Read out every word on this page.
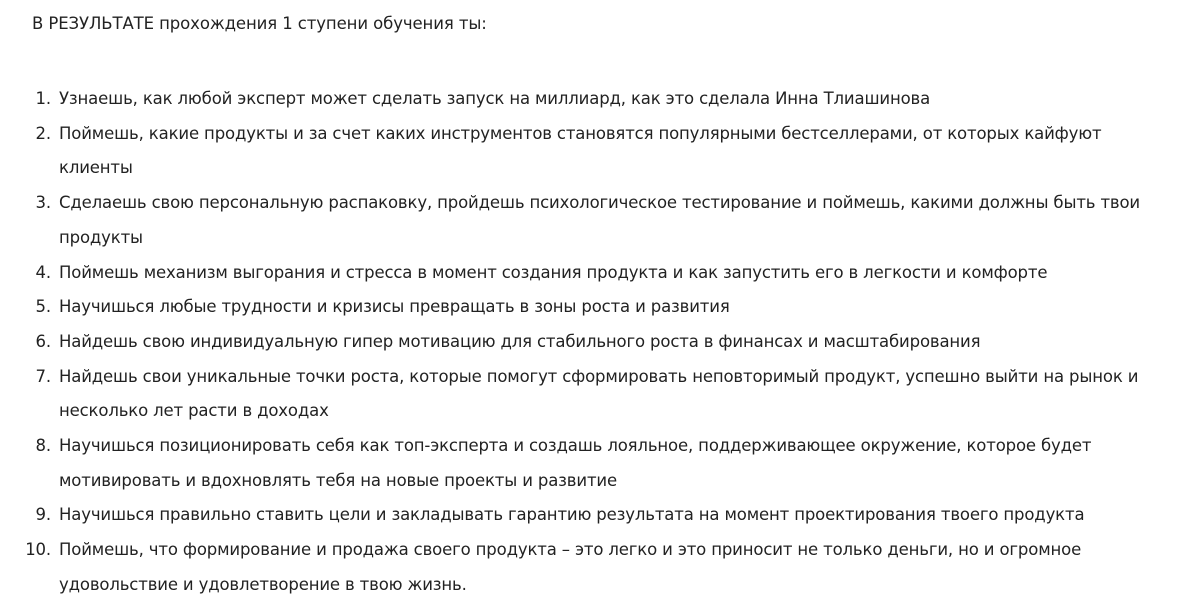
В РЕЗУЛЬТАТЕ прохождения 1 ступени обучения ты:

1. Узнаешь, как любой эксперт может сделать запуск на миллиард, как это сделала Инна Тлиашинова
2. Поймешь, какие продукты и за счет каких инструментов становятся популярными бестселлерами, от которых кайфуют клиенты
3. Сделаешь свою персональную распаковку, пройдешь психологическое тестирование и поймешь, какими должны быть твои продукты
4. Поймешь механизм выгорания и стресса в момент создания продукта и как запустить его в легкости и комфорте
5. Научишься любые трудности и кризисы превращать в зоны роста и развития
6. Найдешь свою индивидуальную гипер мотивацию для стабильного роста в финансах и масштабирования
7. Найдешь свои уникальные точки роста, которые помогут сформировать неповторимый продукт, успешно выйти на рынок и несколько лет расти в доходах
8. Научишься позиционировать себя как топ-эксперта и создашь лояльное, поддерживающее окружение, которое будет мотивировать и вдохновлять тебя на новые проекты и развитие
9. Научишься правильно ставить цели и закладывать гарантию результата на момент проектирования твоего продукта
10. Поймешь, что формирование и продажа своего продукта – это легко и это приносит не только деньги, но и огромное удовольствие и удовлетворение в твою жизнь.
